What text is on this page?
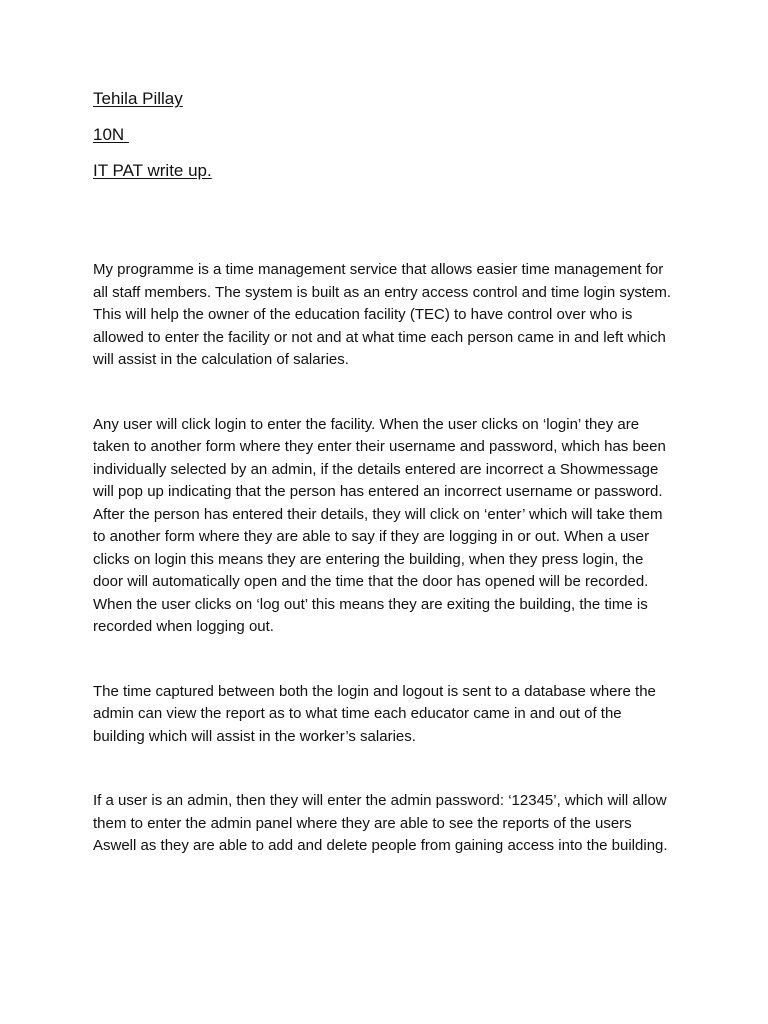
Tehila Pillay
10N
IT PAT write up.

My programme is a time management service that allows easier time management for all staff members. The system is built as an entry access control and time login system. This will help the owner of the education facility (TEC) to have control over who is allowed to enter the facility or not and at what time each person came in and left which will assist in the calculation of salaries.

Any user will click login to enter the facility. When the user clicks on ‘login’ they are taken to another form where they enter their username and password, which has been individually selected by an admin, if the details entered are incorrect a Showmessage will pop up indicating that the person has entered an incorrect username or password. After the person has entered their details, they will click on ‘enter’ which will take them to another form where they are able to say if they are logging in or out. When a user clicks on login this means they are entering the building, when they press login, the door will automatically open and the time that the door has opened will be recorded. When the user clicks on ‘log out’ this means they are exiting the building, the time is recorded when logging out.

The time captured between both the login and logout is sent to a database where the admin can view the report as to what time each educator came in and out of the building which will assist in the worker’s salaries.

If a user is an admin, then they will enter the admin password: ‘12345’, which will allow them to enter the admin panel where they are able to see the reports of the users Aswell as they are able to add and delete people from gaining access into the building.
